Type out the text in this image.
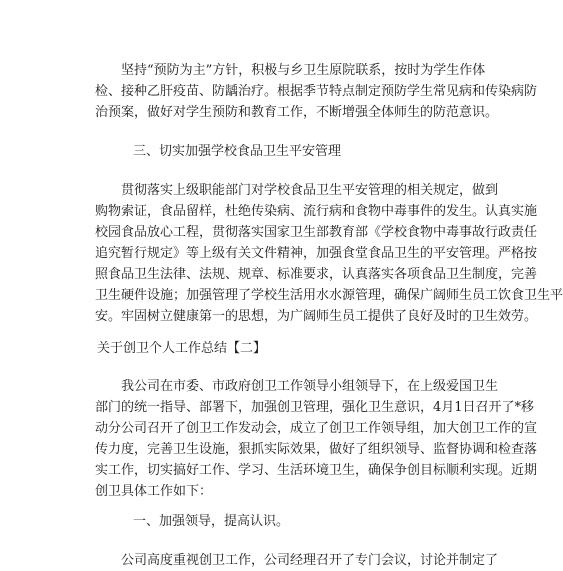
　　坚持“预防为主”方针，积极与乡卫生原院联系，按时为学生作体

检、接种乙肝疫苗、防龋治疗。根据季节特点制定预防学生常见病和传染病防

治预案，做好对学生预防和教育工作，不断增强全体师生的防范意识。

三、切实加强学校食品卫生平安管理

　　贯彻落实上级职能部门对学校食品卫生平安管理的相关规定，做到

购物索证，食品留样，杜绝传染病、流行病和食物中毒事件的发生。认真实施

校园食品放心工程，贯彻落实国家卫生部教育部《学校食物中毒事故行政责任

追究暂行规定》等上级有关文件精神，加强食堂食品卫生的平安管理。严格按

照食品卫生法律、法规、规章、标准要求，认真落实各项食品卫生制度，完善

卫生硬件设施；加强管理了学校生活用水水源管理，确保广阔师生员工饮食卫生平

安。牢固树立健康第一的思想，为广阔师生员工提供了良好及时的卫生效劳。

关于创卫个人工作总结【二】

　　我公司在市委、市政府创卫工作领导小组领导下，在上级爱国卫生

部门的统一指导、部署下，加强创卫管理，强化卫生意识，4月1日召开了*移

动分公司召开了创卫工作发动会，成立了创卫工作领导组，加大创卫工作的宣

传力度，完善卫生设施，狠抓实际效果，做好了组织领导、监督协调和检查落

实工作，切实搞好工作、学习、生活环境卫生，确保争创目标顺利实现。近期

创卫具体工作如下：

一、加强领导，提高认识。

　　公司高度重视创卫工作，公司经理召开了专门会议，讨论并制定了
